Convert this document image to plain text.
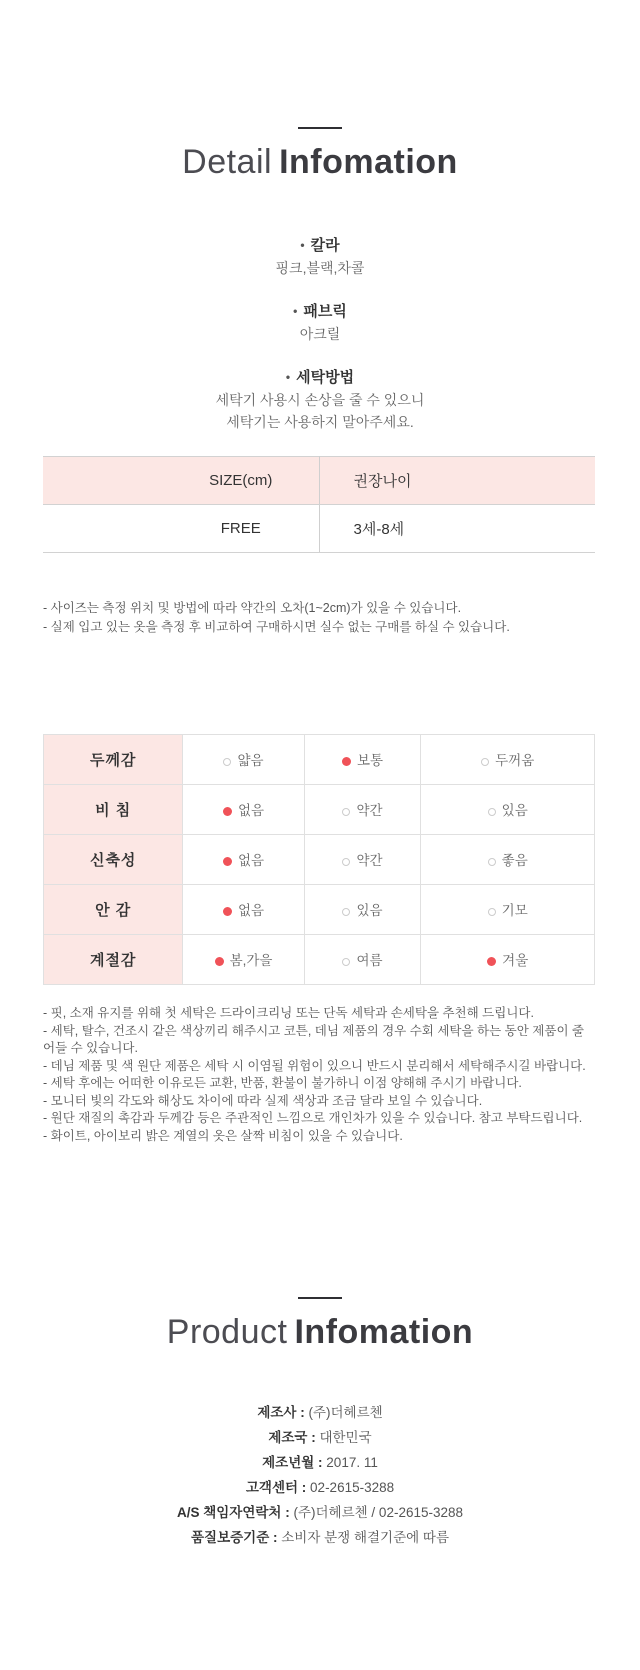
Detail Infomation
• 칼라
핑크,블랙,차콜
• 패브릭
아크릴
• 세탁방법
세탁기 사용시 손상을 줄 수 있으니
세탁기는 사용하지 말아주세요.
SIZE(cm)	권장나이
FREE	3세-8세
- 사이즈는 측정 위치 및 방법에 따라 약간의 오차(1~2cm)가 있을 수 있습니다.
- 실제 입고 있는 옷을 측정 후 비교하여 구매하시면 실수 없는 구매를 하실 수 있습니다.
두께감	얇음	보통	두꺼움
비 침	없음	약간	있음
신축성	없음	약간	좋음
안 감	없음	있음	기모
계절감	봄,가을	여름	겨울
- 핏, 소재 유지를 위해 첫 세탁은 드라이크리닝 또는 단독 세탁과 손세탁을 추천해 드립니다.
- 세탁, 탈수, 건조시 같은 색상끼리 해주시고 코튼, 데님 제품의 경우 수회 세탁을 하는 동안 제품이 줄어들 수 있습니다.
- 데님 제품 및 색 원단 제품은 세탁 시 이염될 위험이 있으니 반드시 분리해서 세탁해주시길 바랍니다.
- 세탁 후에는 어떠한 이유로든 교환, 반품, 환불이 불가하니 이점 양해해 주시기 바랍니다.
- 모니터 빛의 각도와 해상도 차이에 따라 실제 색상과 조금 달라 보일 수 있습니다.
- 원단 재질의 촉감과 두께감 등은 주관적인 느낌으로 개인차가 있을 수 있습니다. 참고 부탁드립니다.
- 화이트, 아이보리 밝은 계열의 옷은 살짝 비침이 있을 수 있습니다.
Product Infomation
제조사 : (주)더헤르첸
제조국 : 대한민국
제조년월 : 2017. 11
고객센터 : 02-2615-3288
A/S 책임자연락처 : (주)더헤르첸 / 02-2615-3288
품질보증기준 : 소비자 분쟁 해결기준에 따름
